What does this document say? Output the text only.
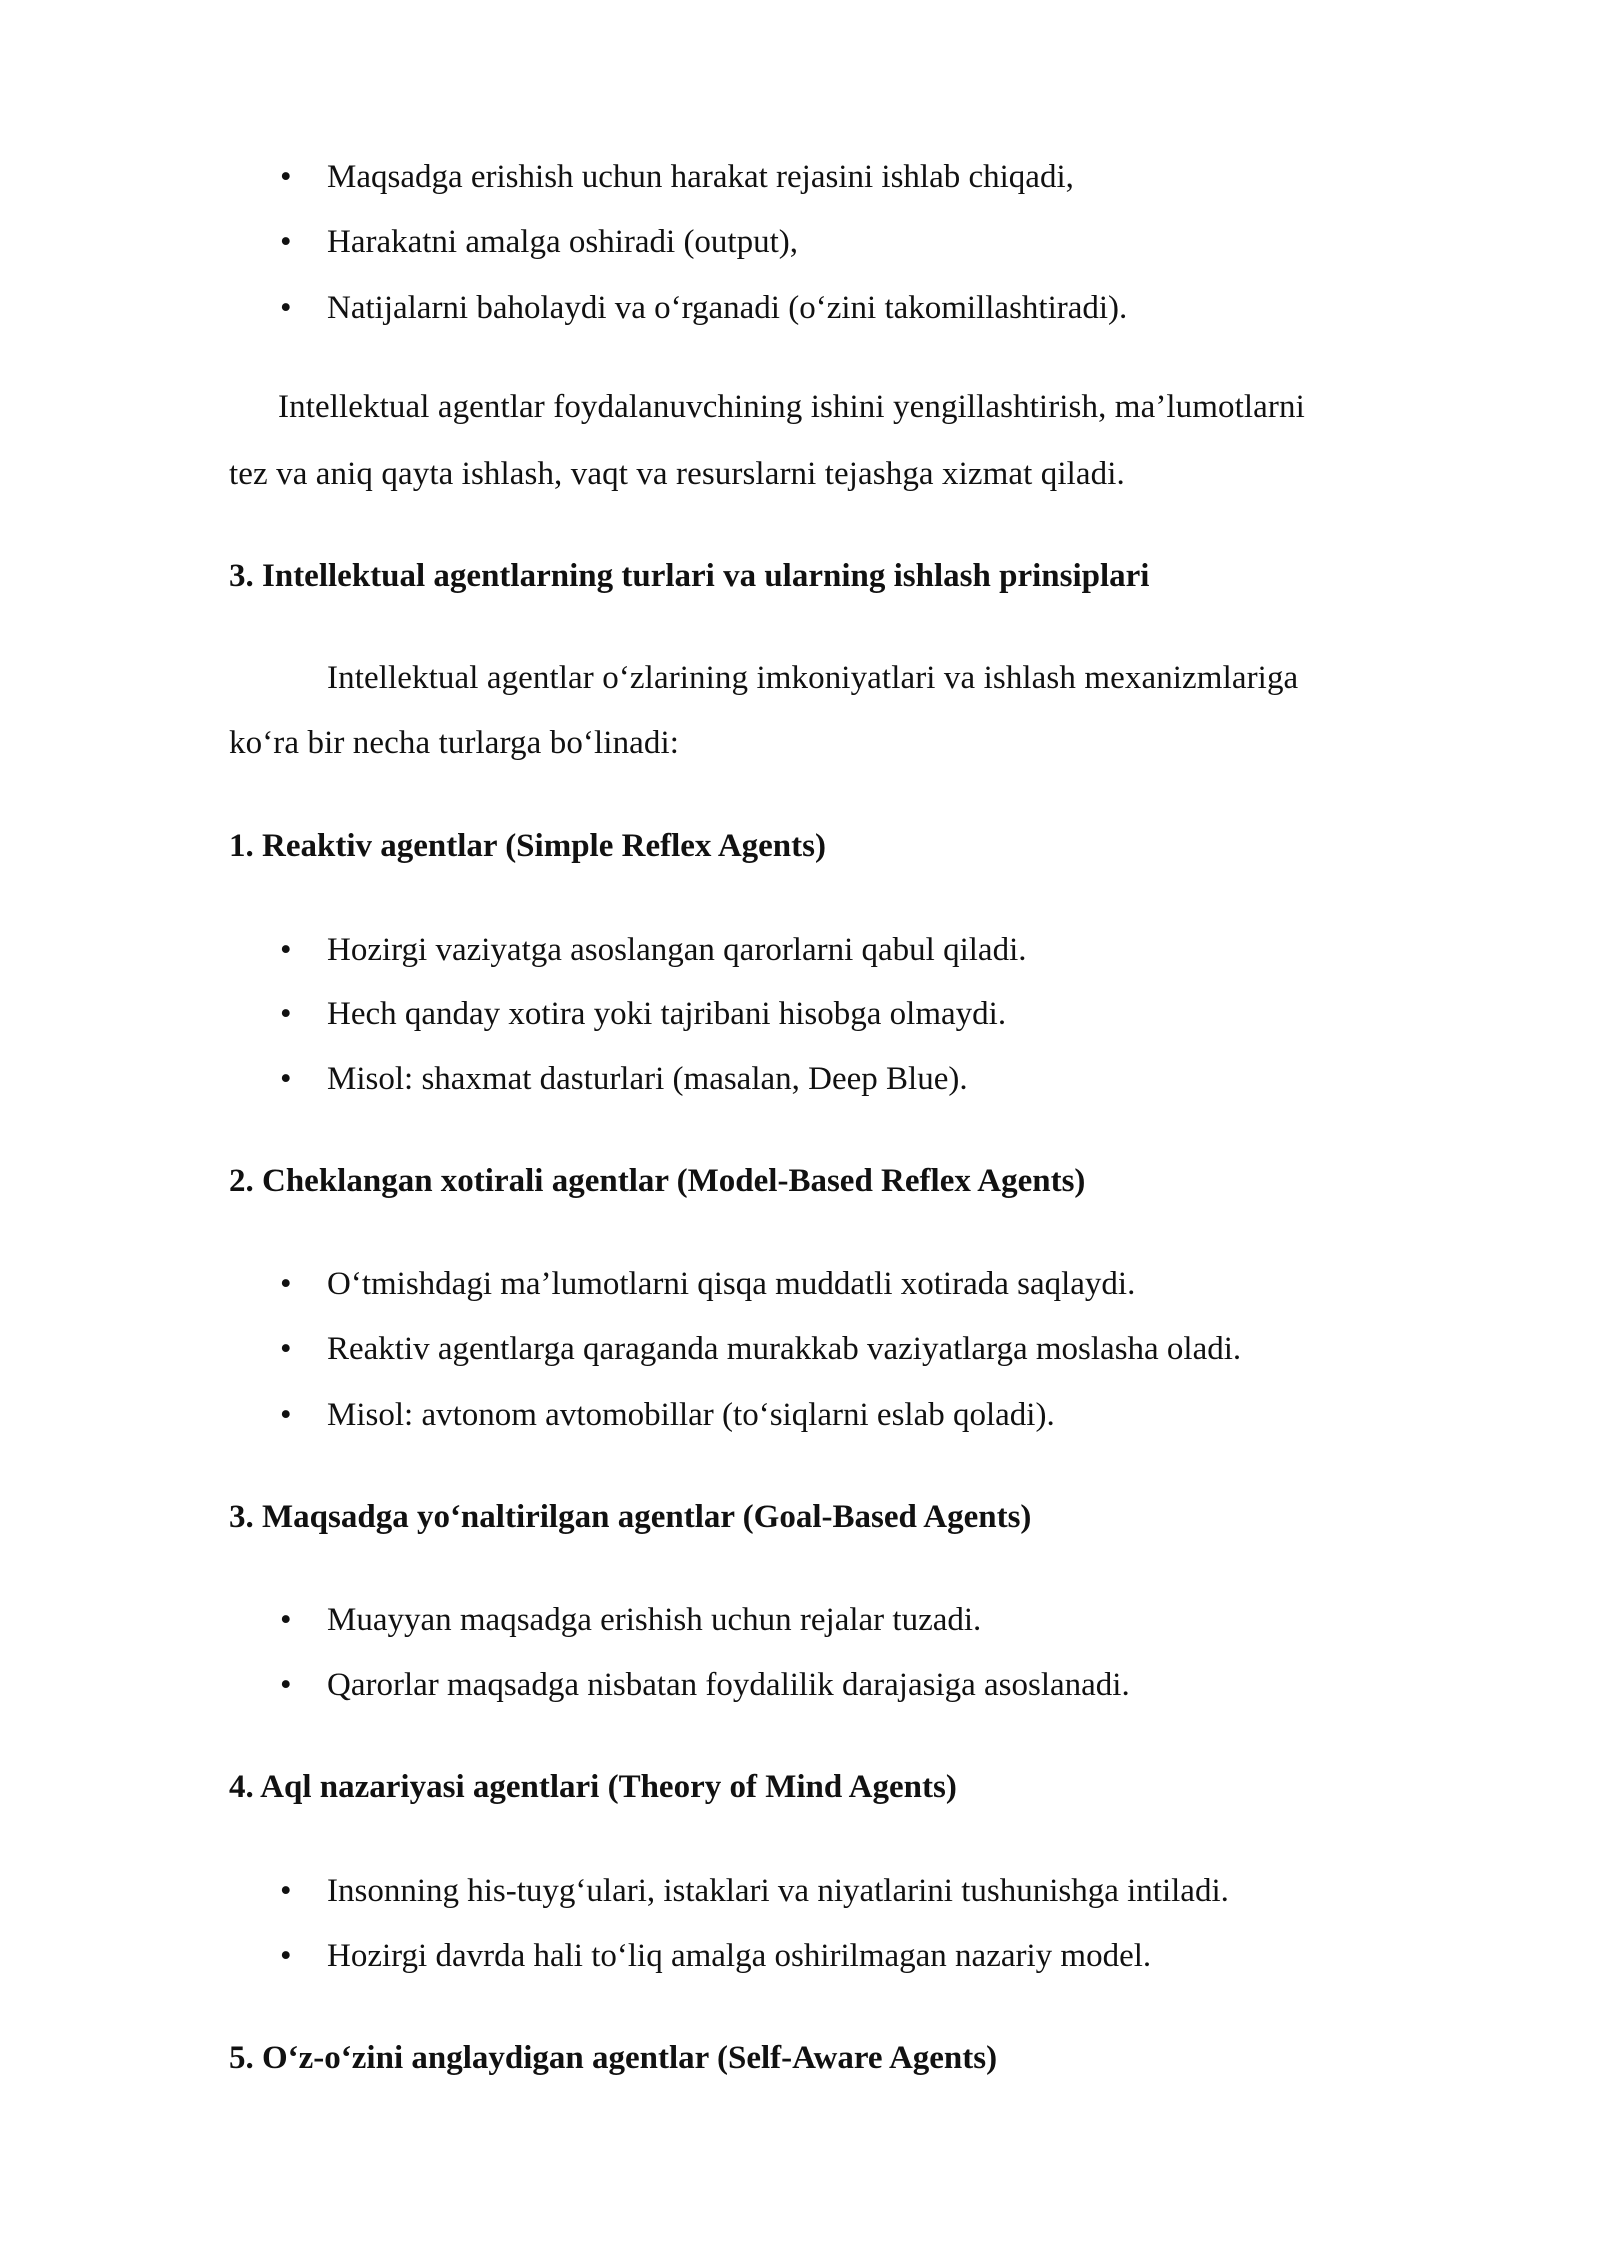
• Maqsadga erishish uchun harakat rejasini ishlab chiqadi,
• Harakatni amalga oshiradi (output),
• Natijalarni baholaydi va o‘rganadi (o‘zini takomillashtiradi).
Intellektual agentlar foydalanuvchining ishini yengillashtirish, ma’lumotlarni
tez va aniq qayta ishlash, vaqt va resurslarni tejashga xizmat qiladi.
3. Intellektual agentlarning turlari va ularning ishlash prinsiplari
Intellektual agentlar o‘zlarining imkoniyatlari va ishlash mexanizmlariga
ko‘ra bir necha turlarga bo‘linadi:
1. Reaktiv agentlar (Simple Reflex Agents)
• Hozirgi vaziyatga asoslangan qarorlarni qabul qiladi.
• Hech qanday xotira yoki tajribani hisobga olmaydi.
• Misol: shaxmat dasturlari (masalan, Deep Blue).
2. Cheklangan xotirali agentlar (Model-Based Reflex Agents)
• O‘tmishdagi ma’lumotlarni qisqa muddatli xotirada saqlaydi.
• Reaktiv agentlarga qaraganda murakkab vaziyatlarga moslasha oladi.
• Misol: avtonom avtomobillar (to‘siqlarni eslab qoladi).
3. Maqsadga yo‘naltirilgan agentlar (Goal-Based Agents)
• Muayyan maqsadga erishish uchun rejalar tuzadi.
• Qarorlar maqsadga nisbatan foydalilik darajasiga asoslanadi.
4. Aql nazariyasi agentlari (Theory of Mind Agents)
• Insonning his-tuyg‘ulari, istaklari va niyatlarini tushunishga intiladi.
• Hozirgi davrda hali to‘liq amalga oshirilmagan nazariy model.
5. O‘z-o‘zini anglaydigan agentlar (Self-Aware Agents)
